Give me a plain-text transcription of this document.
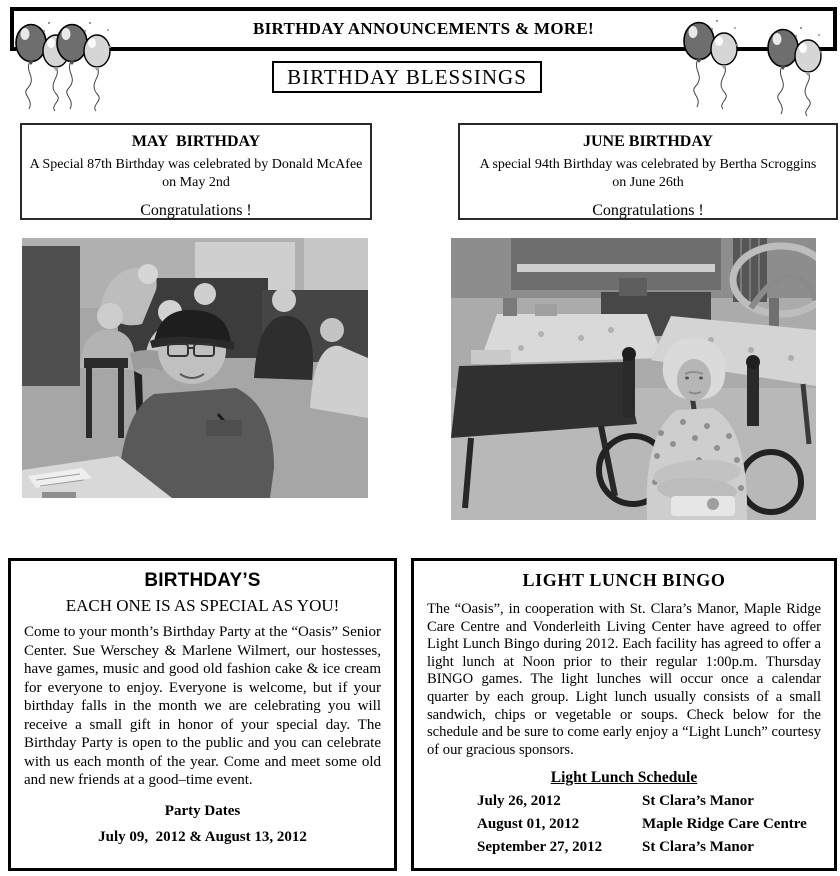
BIRTHDAY ANNOUNCEMENTS & MORE!
BIRTHDAY BLESSINGS
MAY  BIRTHDAY
A Special 87th Birthday was celebrated by Donald McAfee
on May 2nd
Congratulations !
JUNE BIRTHDAY
A special 94th Birthday was celebrated by Bertha Scroggins
on June 26th
Congratulations !
BIRTHDAY’S
EACH ONE IS AS SPECIAL AS YOU!
Come to your month’s Birthday Party at the “Oasis” Senior Center. Sue Werschey & Marlene Wilmert, our hostesses, have games, music and good old fashion cake & ice cream for everyone to enjoy. Everyone is welcome, but if your birthday falls in the month we are celebrating you will receive a small gift in honor of your special day. The Birthday Party is open to the public and you can celebrate with us each month of the year. Come and meet some old and new friends at a good–time event.
Party Dates
July 09,  2012 & August 13, 2012
LIGHT LUNCH BINGO
The “Oasis”, in cooperation with St. Clara’s Manor, Maple Ridge Care Centre and Vonderleith Living Center have agreed to offer Light Lunch Bingo during 2012. Each facility has agreed to offer a light lunch at Noon prior to their regular 1:00p.m. Thursday BINGO games. The light lunches will occur once a calendar quarter by each group. Light lunch usually consists of a small sandwich, chips or vegetable or soups. Check below for the schedule and be sure to come early enjoy a “Light Lunch” courtesy of our gracious sponsors.
Light Lunch Schedule
July 26, 2012	St Clara’s Manor
August 01, 2012	Maple Ridge Care Centre
September 27, 2012	St Clara’s Manor
